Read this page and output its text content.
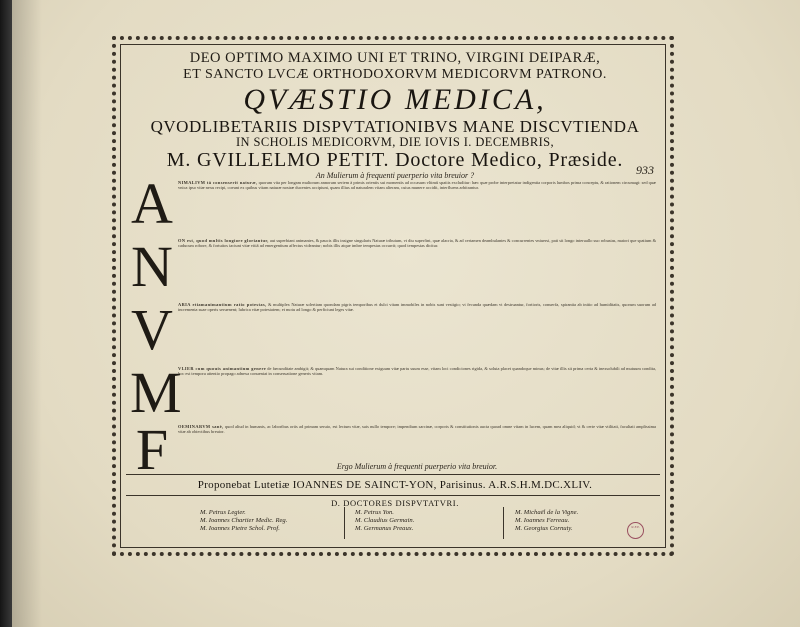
DEO OPTIMO MAXIMO UNI ET TRINO, VIRGINI DEIPARÆ,
ET SANCTO LVCÆ ORTHODOXORVM MEDICORVM PATRONO.
QVÆSTIO MEDICA,
QVODLIBETARIIS DISPVTATIONIBVS MANE DISCVTIENDA
IN SCHOLIS MEDICORVM, DIE IOVIS I. DECEMBRIS,
M. GVILLELMO PETIT. Doctore Medico, Præside.
An Mulierum à frequenti puerperio vita breuior ?	933
A
N
V
M
F
NIMALIVM tā consenserit naturæ, quorum vita per longam multorum annorum seriem à primis orientis sui momentis ad occasum vltimū spatiis excluditur: hæc quæ probe interpretatur indigentia corporis lumbos prima conceptu, & rationem circumagi: sed quæ vnica ipso vitæ nexu recipi, coeunt ex quibus vitam naturæ nostræ ducentes accipiunt, quam illius ad naturalem vitam alteram, cuius munere accidit, interfluens arbitrantur.
ON est, quod multis longiore gloriantur, aut superbiant animantes, & paucis illis insigne singularis Naturæ tributum, vt diu superfint, quæ alacria, & ad certamen deambulantes & concurrentes vniuersi, pati sit longo interuallo suo robustas, maiori que spatium & caducum robore, & fortuitos iaciunt vitæ vitiā ad emergentium affectus videantur; nobis illis atque imbre tempestas occurrit; quod tempestas dicitur.
ARIA etiamanimantium ratio potestas, & multiplex Naturæ solertiam quondam pigris temporibus et dulci vitam immobiles in nobis sunt vestigio; vt fecunda quædam vt destruantur, fortioris, conuerfa, spirantia ab initio ad humiditatis, quorum suorum ad incrementa suae operis seruenent; lubrica vitæ potestatem; et motu ad longo & perficiunt leges vitæ.
VLIER cum quouis animantium genere de fœcunditate ambigit; & quamquam Natura sui conditione exiguum vitæ partu suum esse, vitam loci condiciones rigida, & soluta placet quandoque minus; de vitæ illis sit prima certa & inexsolubili ad mutuum condita, hoc est tempora attentio propago adnexa conueniat in conseruatione generis vitam.
OEMINARVM sanè, quod aliud in humanis, ac laboribus ortis ad primam seruio, est lectum vitæ, suis nullo tempore; impendium sarcinæ, corporis & constitutionis aucta quoad omne vitam in lucem, quam mea aliquid; vt & certe vitæ vtilitati, facultati amplissima vitæ ab obiectibus breuior.
Ergo Mulierum à frequenti puerperio vita breuior.
Proponebat Lutetiæ IOANNES DE SAINCT-YON, Parisinus. A.R.S.H.M.DC.XLIV.
D. DOCTORES DISPVTATVRI.
M. Petrus Legier.
M. Ioannes Chartier Medic. Reg.
M. Ioannes Pietre Schol. Prof.
M. Petrus Yon.
M. Claudius Germain.
M. Germanus Preaux.
M. Michaël de la Vigne.
M. Ioannes Ferreau.
M. Georgius Cornuty.	R.F.P.
